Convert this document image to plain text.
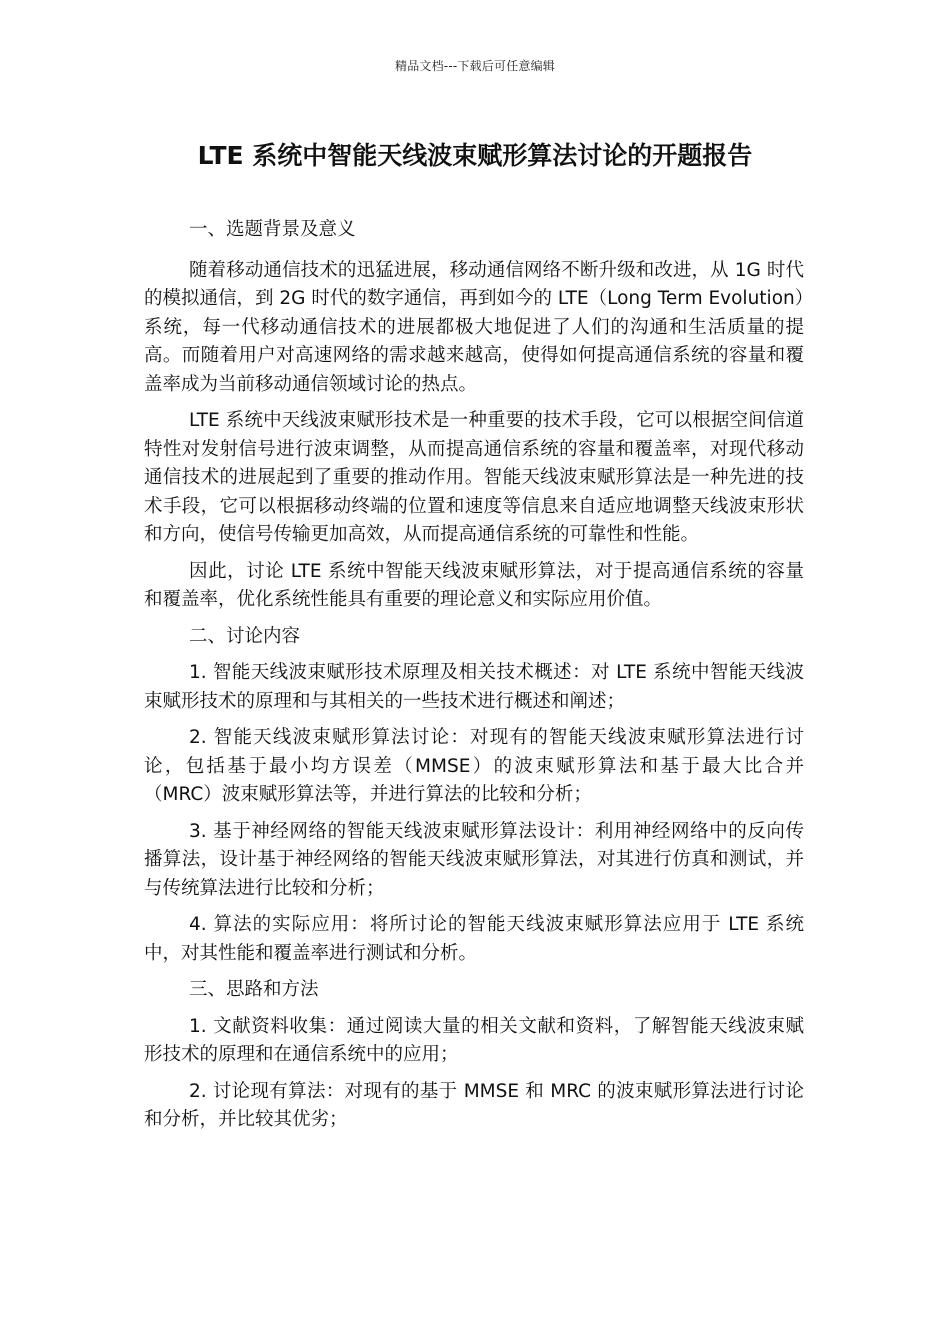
精品文档---下载后可任意编辑
LTE 系统中智能天线波束赋形算法讨论的开题报告

一、选题背景及意义

随着移动通信技术的迅猛进展，移动通信网络不断升级和改进，从 1G 时代的模拟通信，到 2G 时代的数字通信，再到如今的 LTE（Long Term Evolution）系统，每一代移动通信技术的进展都极大地促进了人们的沟通和生活质量的提高。而随着用户对高速网络的需求越来越高，使得如何提高通信系统的容量和覆盖率成为当前移动通信领域讨论的热点。

LTE 系统中天线波束赋形技术是一种重要的技术手段，它可以根据空间信道特性对发射信号进行波束调整，从而提高通信系统的容量和覆盖率，对现代移动通信技术的进展起到了重要的推动作用。智能天线波束赋形算法是一种先进的技术手段，它可以根据移动终端的位置和速度等信息来自适应地调整天线波束形状和方向，使信号传输更加高效，从而提高通信系统的可靠性和性能。

因此，讨论 LTE 系统中智能天线波束赋形算法，对于提高通信系统的容量和覆盖率，优化系统性能具有重要的理论意义和实际应用价值。

二、讨论内容

1. 智能天线波束赋形技术原理及相关技术概述：对 LTE 系统中智能天线波束赋形技术的原理和与其相关的一些技术进行概述和阐述；

2. 智能天线波束赋形算法讨论：对现有的智能天线波束赋形算法进行讨论，包括基于最小均方误差（MMSE）的波束赋形算法和基于最大比合并（MRC）波束赋形算法等，并进行算法的比较和分析；

3. 基于神经网络的智能天线波束赋形算法设计：利用神经网络中的反向传播算法，设计基于神经网络的智能天线波束赋形算法，对其进行仿真和测试，并与传统算法进行比较和分析；

4. 算法的实际应用：将所讨论的智能天线波束赋形算法应用于 LTE 系统中，对其性能和覆盖率进行测试和分析。

三、思路和方法

1. 文献资料收集：通过阅读大量的相关文献和资料，了解智能天线波束赋形技术的原理和在通信系统中的应用；

2. 讨论现有算法：对现有的基于 MMSE 和 MRC 的波束赋形算法进行讨论和分析，并比较其优劣；
